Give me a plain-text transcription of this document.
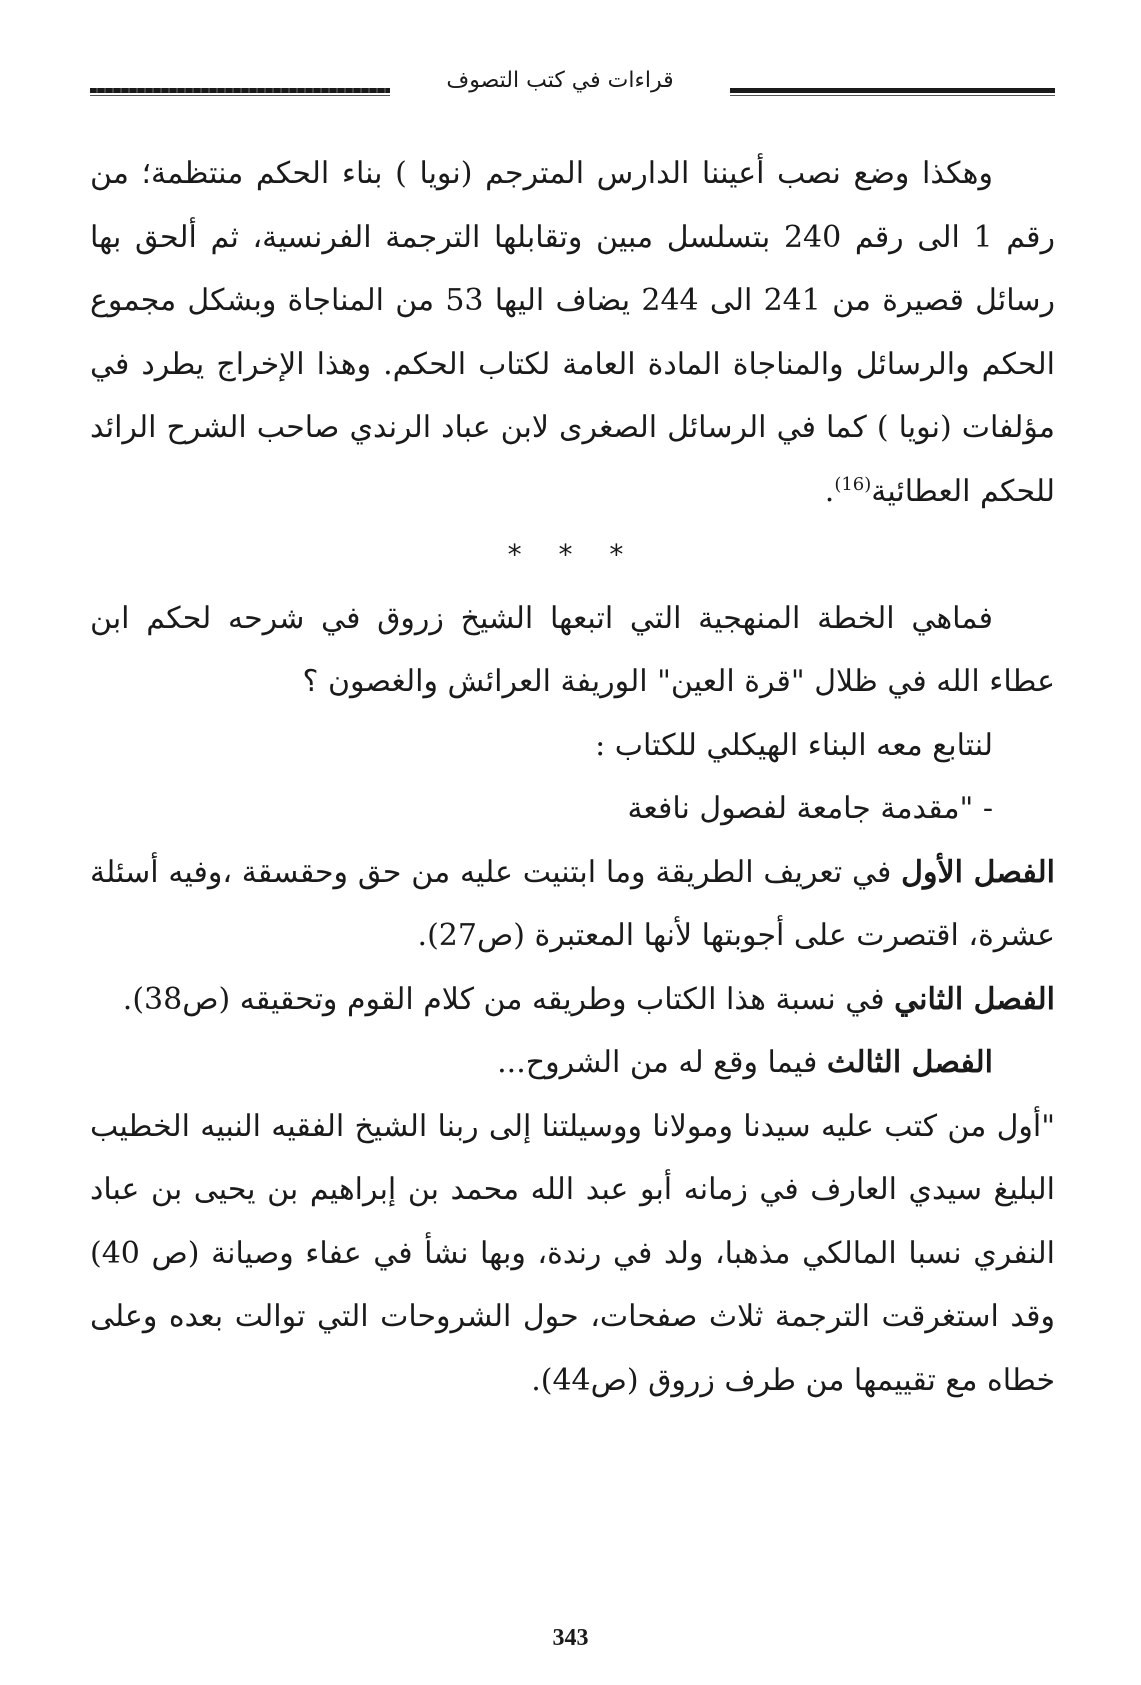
قراءات في كتب التصوف

وهكذا وضع نصب أعيننا الدارس المترجم (نويا ) بناء الحكم منتظمة؛ من رقم 1 الى رقم 240 بتسلسل مبين وتقابلها الترجمة الفرنسية، ثم ألحق بها رسائل قصيرة من 241 الى 244 يضاف اليها 53 من المناجاة وبشكل مجموع الحكم والرسائل والمناجاة المادة العامة لكتاب الحكم. وهذا الإخراج يطرد في مؤلفات (نويا ) كما في الرسائل الصغرى لابن عباد الرندي صاحب الشرح الرائد للحكم العطائية$^{(16)}$.

* * *

فماهي الخطة المنهجية التي اتبعها الشيخ زروق في شرحه لحكم ابن عطاء الله في ظلال "قرة العين" الوريفة العرائش والغصون ؟

لنتابع معه البناء الهيكلي للكتاب :

- "مقدمة جامعة لفصول نافعة

الفصل الأول في تعريف الطريقة وما ابتنيت عليه من حق وحقسقة ،وفيه أسئلة عشرة، اقتصرت على أجوبتها لأنها المعتبرة (ص27).

الفصل الثاني في نسبة هذا الكتاب وطريقه من كلام القوم وتحقيقه (ص38).

الفصل الثالث فيما وقع له من الشروح...

"أول من كتب عليه سيدنا ومولانا ووسيلتنا إلى ربنا الشيخ الفقيه النبيه الخطيب البليغ سيدي العارف في زمانه أبو عبد الله محمد بن إبراهيم بن يحيى بن عباد النفري نسبا المالكي مذهبا، ولد في رندة، وبها نشأ في عفاء وصيانة (ص 40) وقد استغرقت الترجمة ثلاث صفحات، حول الشروحات التي توالت بعده وعلى خطاه مع تقييمها من طرف زروق (ص44).

343
